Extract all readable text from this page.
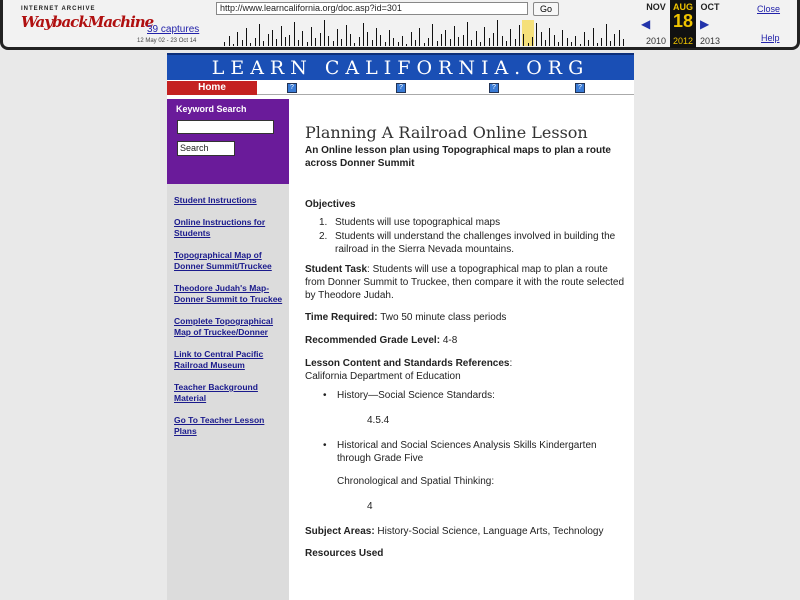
INTERNET ARCHIVE
WaybackMachine
http://www.learncalifornia.org/doc.asp?id=301	Go
39 captures
12 May 02 - 23 Oct 14
NOV
2010
◀
AUG
18
2012
▶
OCT
2013
Close
Help
LEARN CALIFORNIA.ORG
Home	?	?	?	?
Keyword Search
Search
Student Instructions
Online Instructions for Students
Topographical Map of Donner Summit/Truckee
Theodore Judah's Map-Donner Summit to Truckee
Complete Topographical Map of Truckee/Donner
Link to Central Pacific Railroad Museum
Teacher Background Material
Go To Teacher Lesson Plans
Planning A Railroad Online Lesson
An Online lesson plan using Topographical maps to plan a route across Donner Summit
Objectives
1. Students will use topographical maps
2. Students will understand the challenges involved in building the railroad in the Sierra Nevada mountains.
Student Task: Students will use a topographical map to plan a route from Donner Summit to Truckee, then compare it with the route selected by Theodore Judah.
Time Required: Two 50 minute class periods
Recommended Grade Level: 4-8
Lesson Content and Standards References:
California Department of Education
•	History—Social Science Standards:
4.5.4
•	Historical and Social Sciences Analysis Skills Kindergarten through Grade Five
Chronological and Spatial Thinking:
4
Subject Areas: History-Social Science, Language Arts, Technology
Resources Used
